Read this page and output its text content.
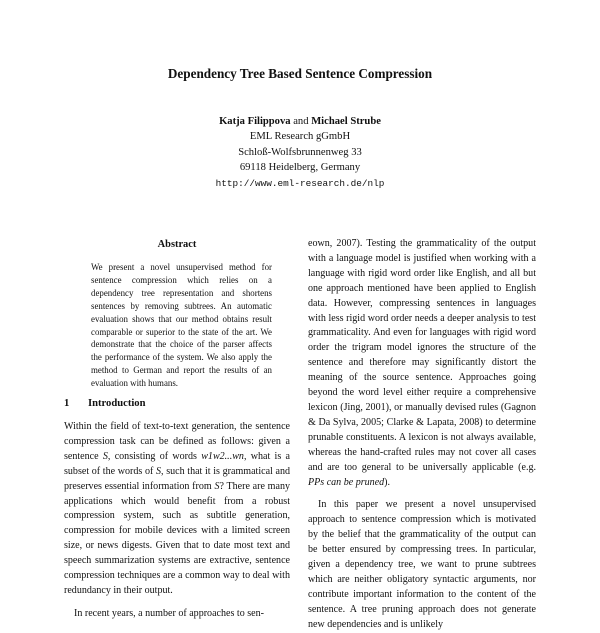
Dependency Tree Based Sentence Compression
Katja Filippova and Michael Strube
EML Research gGmbH
Schloß-Wolfsbrunnenweg 33
69118 Heidelberg, Germany
http://www.eml-research.de/nlp
Abstract
We present a novel unsupervised method for sentence compression which relies on a dependency tree representation and shortens sentences by removing subtrees. An automatic evaluation shows that our method obtains result comparable or superior to the state of the art. We demonstrate that the choice of the parser affects the performance of the system. We also apply the method to German and report the results of an evaluation with humans.
1 Introduction

Within the field of text-to-text generation, the sentence compression task can be defined as follows: given a sentence S, consisting of words w1w2...wn, what is a subset of the words of S, such that it is grammatical and preserves essential information from S? There are many applications which would benefit from a robust compression system, such as subtitle generation, compression for mobile devices with a limited screen size, or news digests. Given that to date most text and speech summarization systems are extractive, sentence compression techniques are a common way to deal with redundancy in their output.

In recent years, a number of approaches to sen-

eown, 2007). Testing the grammaticality of the output with a language model is justified when working with a language with rigid word order like English, and all but one approach mentioned have been applied to English data. However, compressing sentences in languages with less rigid word order needs a deeper analysis to test grammaticality. And even for languages with rigid word order the trigram model ignores the structure of the sentence and therefore may significantly distort the meaning of the source sentence. Approaches going beyond the word level either require a comprehensive lexicon (Jing, 2001), or manually devised rules (Gagnon & Da Sylva, 2005; Clarke & Lapata, 2008) to determine prunable constituents. A lexicon is not always available, whereas the hand-crafted rules may not cover all cases and are too general to be universally applicable (e.g. PPs can be pruned).

In this paper we present a novel unsupervised approach to sentence compression which is motivated by the belief that the grammaticality of the output can be better ensured by compressing trees. In particular, given a dependency tree, we want to prune subtrees which are neither obligatory syntactic arguments, nor contribute important information to the content of the sentence. A tree pruning approach does not generate new dependencies and is unlikely
